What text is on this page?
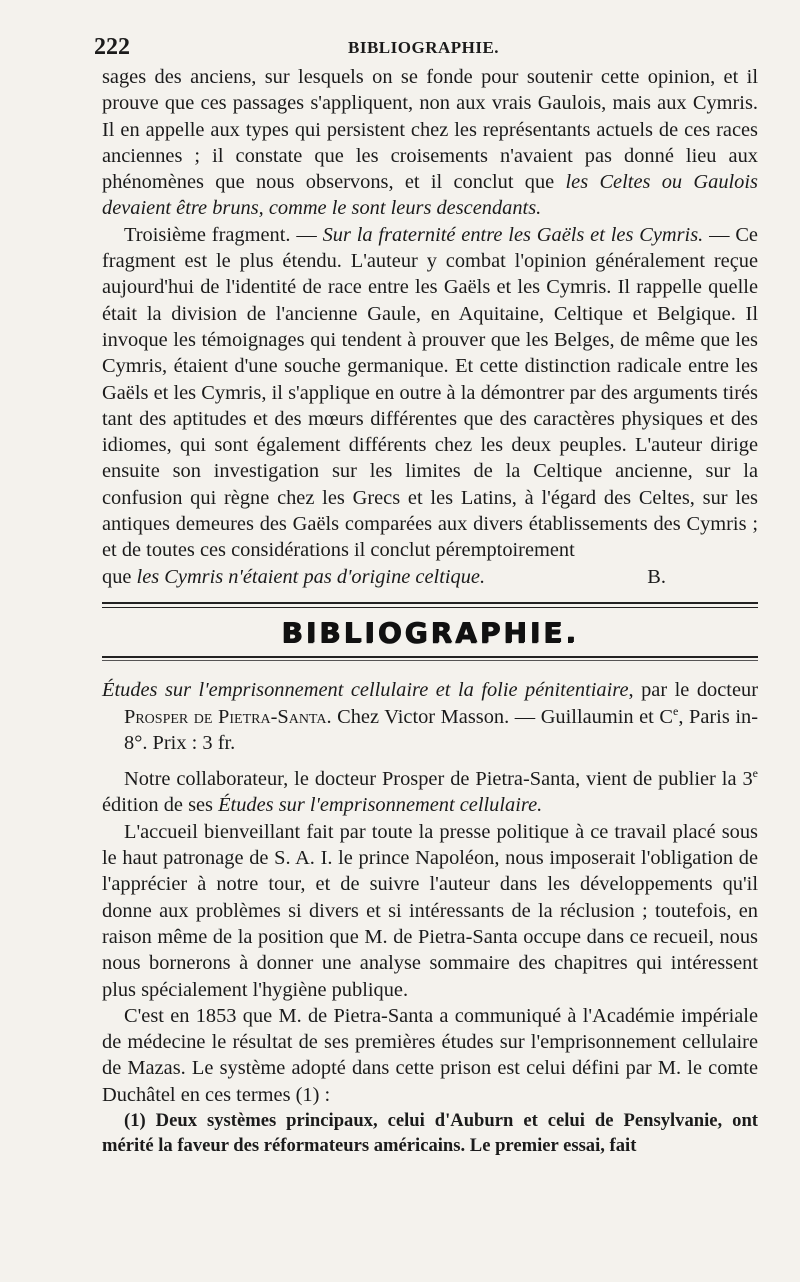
222	BIBLIOGRAPHIE.

sages des anciens, sur lesquels on se fonde pour soutenir cette opinion, et il prouve que ces passages s'appliquent, non aux vrais Gaulois, mais aux Cymris. Il en appelle aux types qui persistent chez les représentants actuels de ces races anciennes ; il constate que les croisements n'avaient pas donné lieu aux phénomènes que nous observons, et il conclut que les Celtes ou Gaulois devaient être bruns, comme le sont leurs descendants.

Troisième fragment. — Sur la fraternité entre les Gaëls et les Cymris. — Ce fragment est le plus étendu. L'auteur y combat l'opinion généralement reçue aujourd'hui de l'identité de race entre les Gaëls et les Cymris. Il rappelle quelle était la division de l'ancienne Gaule, en Aquitaine, Celtique et Belgique. Il invoque les témoignages qui tendent à prouver que les Belges, de même que les Cymris, étaient d'une souche germanique. Et cette distinction radicale entre les Gaëls et les Cymris, il s'applique en outre à la démontrer par des arguments tirés tant des aptitudes et des mœurs différentes que des caractères physiques et des idiomes, qui sont également différents chez les deux peuples. L'auteur dirige ensuite son investigation sur les limites de la Celtique ancienne, sur la confusion qui règne chez les Grecs et les Latins, à l'égard des Celtes, sur les antiques demeures des Gaëls comparées aux divers établissements des Cymris ; et de toutes ces considérations il conclut péremptoirement

que les Cymris n'étaient pas d'origine celtique.	B.

BIBLIOGRAPHIE.

Études sur l'emprisonnement cellulaire et la folie pénitentiaire, par le docteur Prosper de Pietra-Santa. Chez Victor Masson. — Guillaumin et Ce, Paris in-8°. Prix : 3 fr.

Notre collaborateur, le docteur Prosper de Pietra-Santa, vient de publier la 3e édition de ses Études sur l'emprisonnement cellulaire.

L'accueil bienveillant fait par toute la presse politique à ce travail placé sous le haut patronage de S. A. I. le prince Napoléon, nous imposerait l'obligation de l'apprécier à notre tour, et de suivre l'auteur dans les développements qu'il donne aux problèmes si divers et si intéressants de la réclusion ; toutefois, en raison même de la position que M. de Pietra-Santa occupe dans ce recueil, nous nous bornerons à donner une analyse sommaire des chapitres qui intéressent plus spécialement l'hygiène publique.

C'est en 1853 que M. de Pietra-Santa a communiqué à l'Académie impériale de médecine le résultat de ses premières études sur l'emprisonnement cellulaire de Mazas. Le système adopté dans cette prison est celui défini par M. le comte Duchâtel en ces termes (1) :

(1) Deux systèmes principaux, celui d'Auburn et celui de Pensylvanie, ont mérité la faveur des réformateurs américains. Le premier essai, fait
